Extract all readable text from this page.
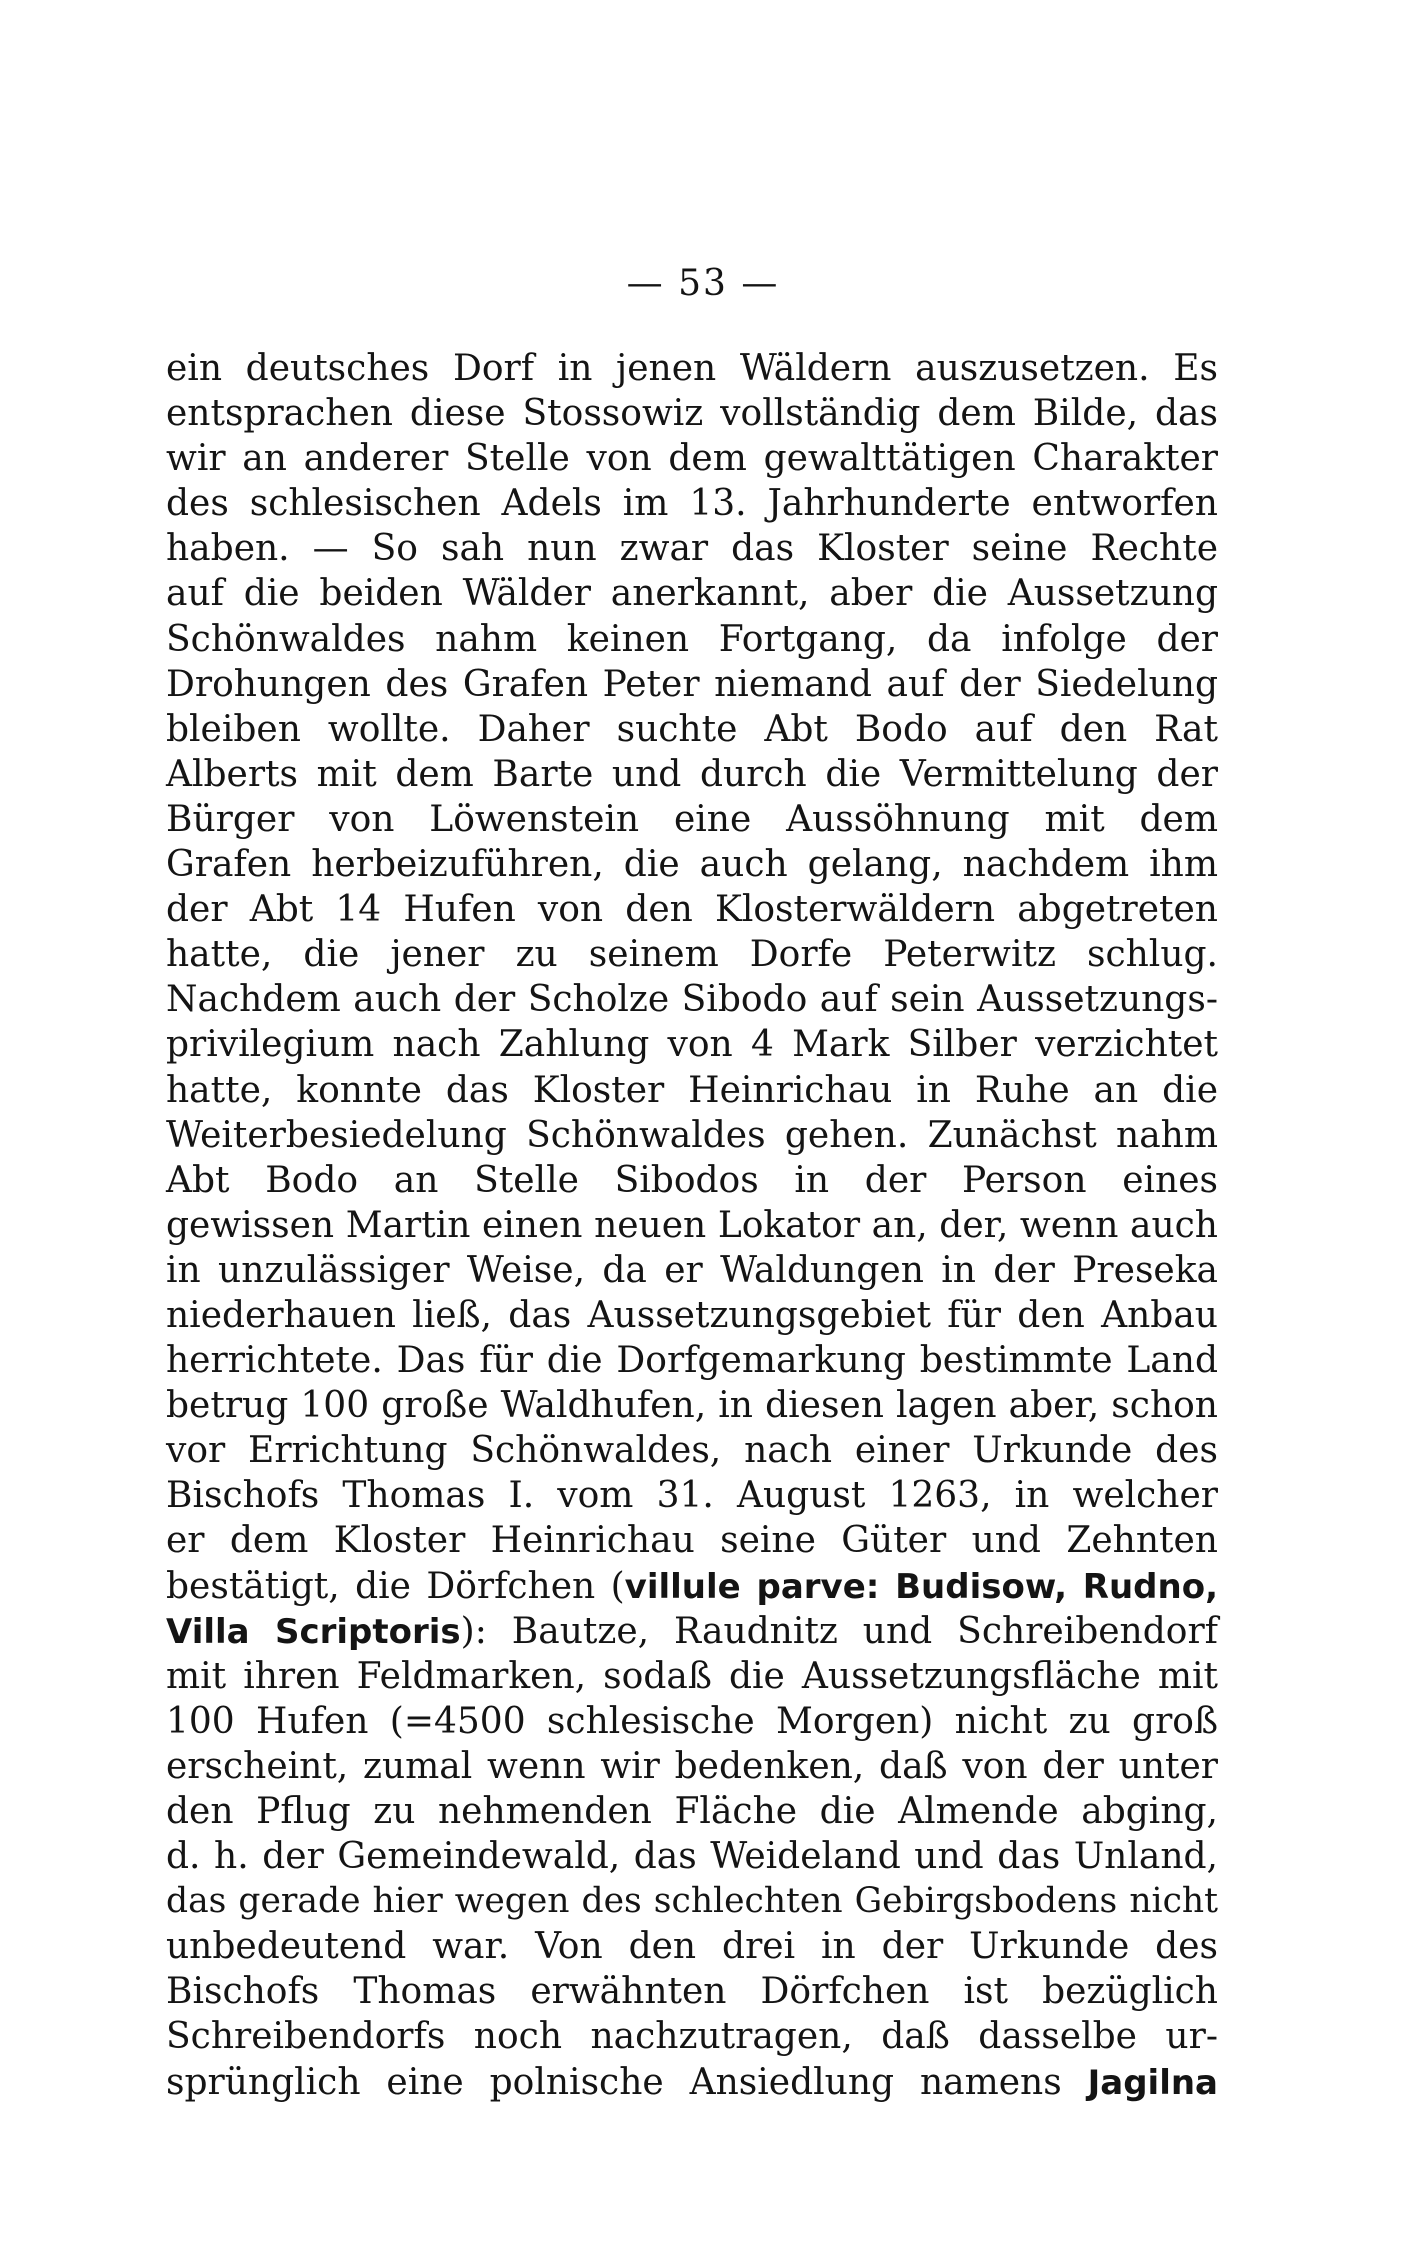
— 53 —
ein deutsches Dorf in jenen Wäldern auszusetzen. Es
entsprachen diese Stossowiz vollständig dem Bilde, das
wir an anderer Stelle von dem gewalttätigen Charakter
des schlesischen Adels im 13. Jahrhunderte entworfen
haben. — So sah nun zwar das Kloster seine Rechte
auf die beiden Wälder anerkannt, aber die Aussetzung
Schönwaldes nahm keinen Fortgang, da infolge der
Drohungen des Grafen Peter niemand auf der Siedelung
bleiben wollte. Daher suchte Abt Bodo auf den Rat
Alberts mit dem Barte und durch die Vermittelung der
Bürger von Löwenstein eine Aussöhnung mit dem
Grafen herbeizuführen, die auch gelang, nachdem ihm
der Abt 14 Hufen von den Klosterwäldern abgetreten
hatte, die jener zu seinem Dorfe Peterwitz schlug.
Nachdem auch der Scholze Sibodo auf sein Aussetzungs-
privilegium nach Zahlung von 4 Mark Silber verzichtet
hatte, konnte das Kloster Heinrichau in Ruhe an die
Weiterbesiedelung Schönwaldes gehen. Zunächst nahm
Abt Bodo an Stelle Sibodos in der Person eines
gewissen Martin einen neuen Lokator an, der, wenn auch
in unzulässiger Weise, da er Waldungen in der Preseka
niederhauen ließ, das Aussetzungsgebiet für den Anbau
herrichtete. Das für die Dorfgemarkung bestimmte Land
betrug 100 große Waldhufen, in diesen lagen aber, schon
vor Errichtung Schönwaldes, nach einer Urkunde des
Bischofs Thomas I. vom 31. August 1263, in welcher
er dem Kloster Heinrichau seine Güter und Zehnten
bestätigt, die Dörfchen (villule parve: Budisow, Rudno,
Villa Scriptoris): Bautze, Raudnitz und Schreibendorf
mit ihren Feldmarken, sodaß die Aussetzungsfläche mit
100 Hufen (=4500 schlesische Morgen) nicht zu groß
erscheint, zumal wenn wir bedenken, daß von der unter
den Pflug zu nehmenden Fläche die Almende abging,
d. h. der Gemeindewald, das Weideland und das Unland,
das gerade hier wegen des schlechten Gebirgsbodens nicht
unbedeutend war. Von den drei in der Urkunde des
Bischofs Thomas erwähnten Dörfchen ist bezüglich
Schreibendorfs noch nachzutragen, daß dasselbe ur-
sprünglich eine polnische Ansiedlung namens Jagilna
